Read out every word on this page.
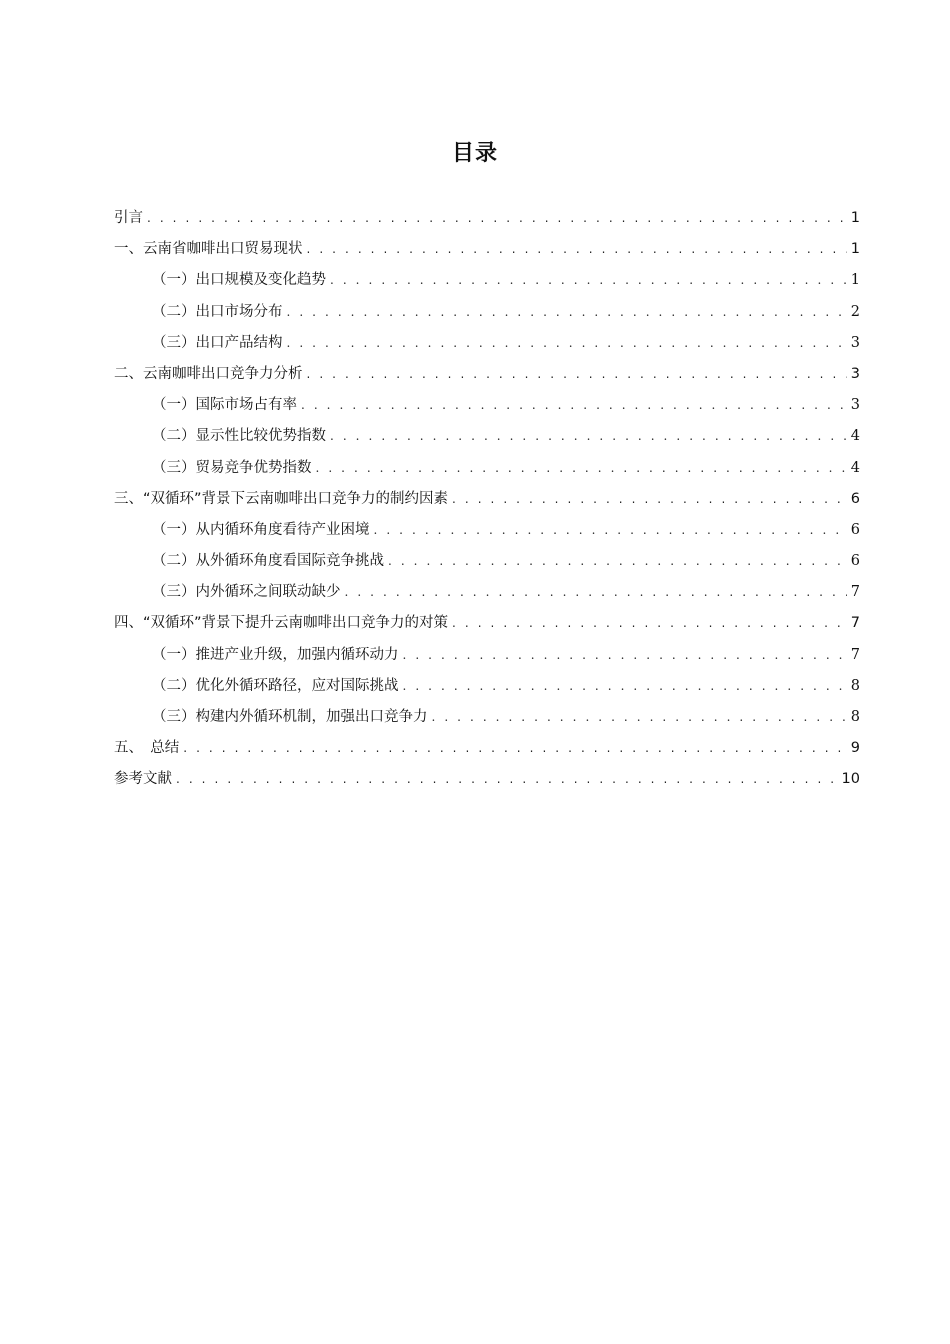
目录
引言 . . .	1
一、云南省咖啡出口贸易现状 . . .	1
（一）出口规模及变化趋势 . . .	1
（二）出口市场分布 . . .	2
（三）出口产品结构 . . .	3
二、云南咖啡出口竞争力分析 . . .	3
（一）国际市场占有率 . . .	3
（二）显示性比较优势指数 . . .	4
（三）贸易竞争优势指数 . . .	4
三、“双循环”背景下云南咖啡出口竞争力的制约因素 . . .	6
（一）从内循环角度看待产业困境 . . .	6
（二）从外循环角度看国际竞争挑战 . . .	6
（三）内外循环之间联动缺少 . . .	7
四、“双循环”背景下提升云南咖啡出口竞争力的对策 . . .	7
（一）推进产业升级，加强内循环动力 . . .	7
（二）优化外循环路径，应对国际挑战 . . .	8
（三）构建内外循环机制，加强出口竞争力 . . .	8
五、　总结 . . .	9
参考文献 . . .	10
